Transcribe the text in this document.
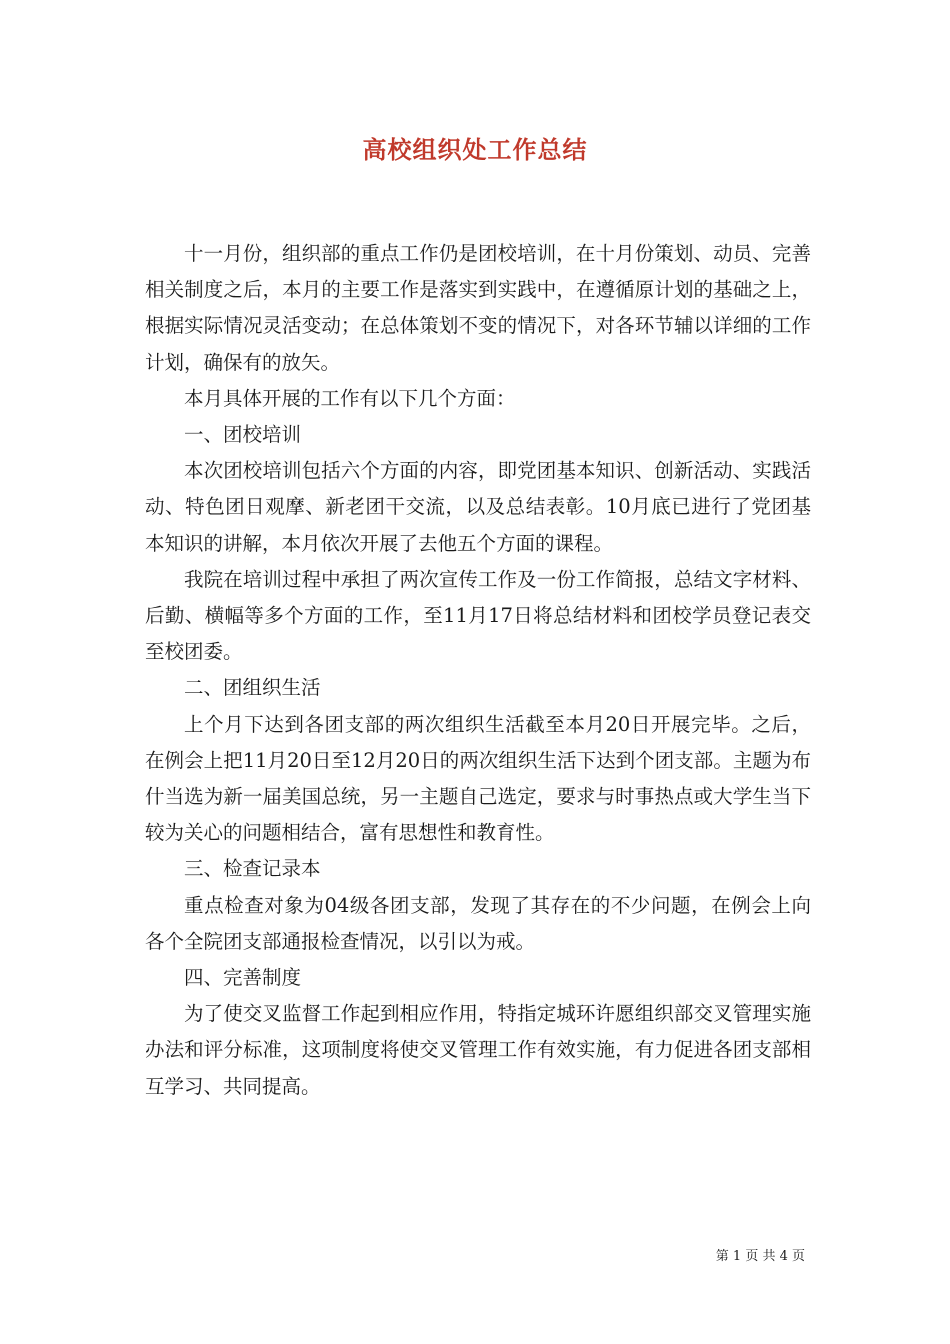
高校组织处工作总结

十一月份，组织部的重点工作仍是团校培训，在十月份策划、动员、完善相关制度之后，本月的主要工作是落实到实践中，在遵循原计划的基础之上，根据实际情况灵活变动；在总体策划不变的情况下，对各环节辅以详细的工作计划，确保有的放矢。

本月具体开展的工作有以下几个方面：

一、团校培训

本次团校培训包括六个方面的内容，即党团基本知识、创新活动、实践活动、特色团日观摩、新老团干交流，以及总结表彰。10月底已进行了党团基本知识的讲解，本月依次开展了去他五个方面的课程。

我院在培训过程中承担了两次宣传工作及一份工作简报，总结文字材料、后勤、横幅等多个方面的工作，至11月17日将总结材料和团校学员登记表交至校团委。

二、团组织生活

上个月下达到各团支部的两次组织生活截至本月20日开展完毕。之后，在例会上把11月20日至12月20日的两次组织生活下达到个团支部。主题为布什当选为新一届美国总统，另一主题自己选定，要求与时事热点或大学生当下较为关心的问题相结合，富有思想性和教育性。

三、检查记录本

重点检查对象为04级各团支部，发现了其存在的不少问题，在例会上向各个全院团支部通报检查情况，以引以为戒。

四、完善制度

为了使交叉监督工作起到相应作用，特指定城环许愿组织部交叉管理实施办法和评分标准，这项制度将使交叉管理工作有效实施，有力促进各团支部相互学习、共同提高。

第 1 页 共 4 页
